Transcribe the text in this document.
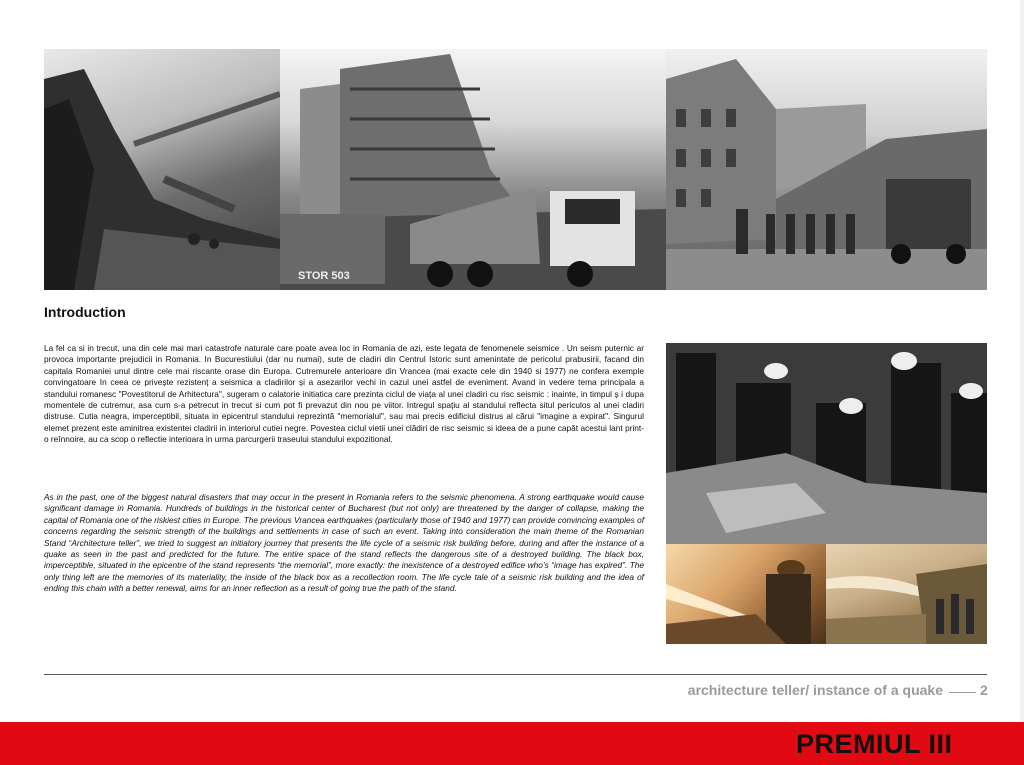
STOR 503
Introduction

La fel ca si in trecut, una din cele mai mari catastrofe naturale care poate avea loc in Romania de azi, este legata de fenomenele seismice . Un seism puternic ar provoca importante prejudicii in Romania. In Bucurestiului (dar nu numai), sute de cladiri din Centrul Istoric sunt amenintate de pericolul prabusirii, facand din capitala Romaniei unul dintre cele mai riscante orase din Europa. Cutremurele anterioare din Vrancea (mai exacte cele din 1940 si 1977) ne confera exemple convingatoare In ceea ce privește rezistenț a seismica a cladirilor și a asezarilor vechi in cazul unei astfel de eveniment. Avand in vedere tema principala a standului romanesc "Povestitorul de Arhitectura", sugeram o calatorie initiatica care prezinta ciclul de viața al unei cladiri cu risc seismic : inainte, in timpul ș i dupa momentele de cutremur, asa cum s-a petrecut in trecut si cum pot fi prevazut din nou pe viitor. Intregul spațiu al standului reflecta situl periculos al unei cladiri distruse. Cutia neagra, imperceptibil, situata in epicentrul standului reprezintă "memorialul", sau mai precis edificiul distrus al cărui "imagine a expirat". Singurul elemet prezent este aminitrea existentei cladirii in interiorul cutiei negre. Povestea ciclul vietii unei clădiri de risc seismic si ideea de a pune capăt acestui lant print-o reînnoire, au ca scop o reflectie interioara in urma parcurgerii traseului standului expozitional.

As in the past, one of the biggest natural disasters that may occur in the present in Romania refers to the seismic phenomena. A strong earthquake would cause significant damage in Romania. Hundreds of buildings in the historical center of Bucharest (but not only) are threatened by the danger of collapse, making the capital of Romania one of the riskiest cities in Europe. The previous Vrancea earthquakes (particularly those of 1940 and 1977) can provide convincing examples of concerns regarding the seismic strength of the buildings and settlements in case of such an event. Taking into consideration the main theme of the Romanian Stand “Architecture teller”, we tried to suggest an initiatory journey that presents the life cycle of a seismic risk building before, during and after the instance of a quake as seen in the past and predicted for the future. The entire space of the stand reflects the dangerous site of a destroyed building. The black box, imperceptible, situated in the epicentre of the stand represents “the memorial”, more exactly: the inexistence of a destroyed edifice who’s “image has expired”. The only thing left are the memories of its materiality, the inside of the black box as a recollection room. The life cycle tale of a seismic risk building and the idea of ending this chain with a better renewal, aims for an inner reflection as a result of going true the path of the stand.

architecture teller/ instance of a quake	2
PREMIUL III
